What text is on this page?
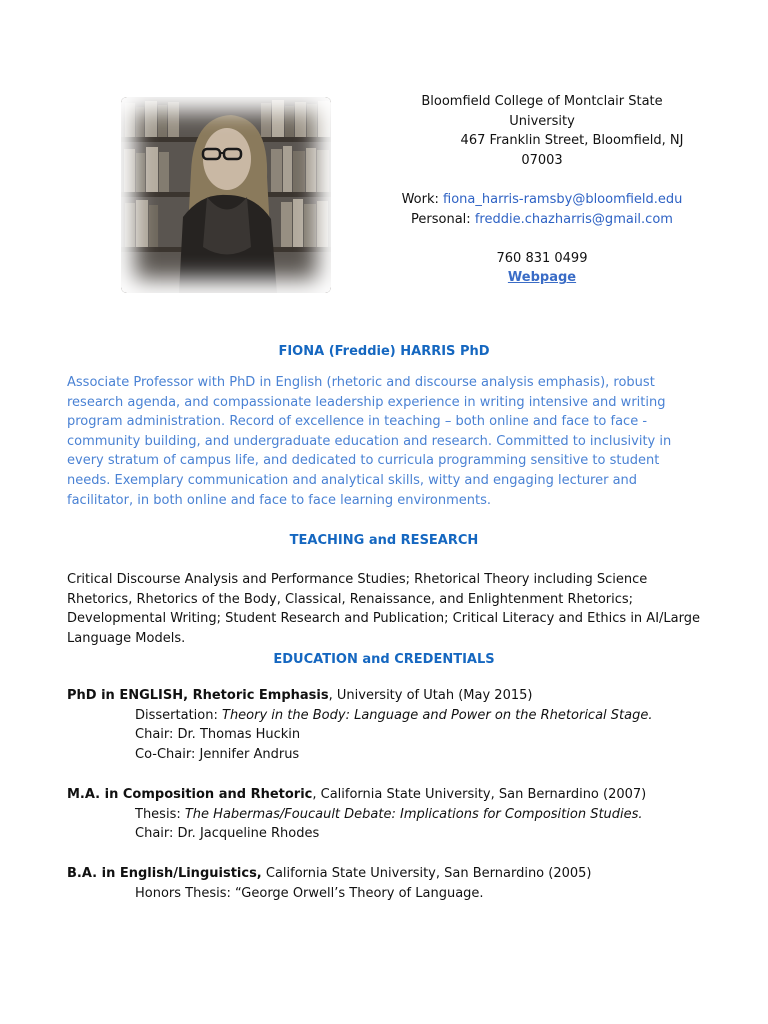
Bloomfield College of Montclair State

University

467 Franklin Street, Bloomfield, NJ

07003

Work: fiona_harris-ramsby@bloomfield.edu

Personal: freddie.chazharris@gmail.com

760 831 0499

Webpage

FIONA (Freddie) HARRIS PhD

Associate Professor with PhD in English (rhetoric and discourse analysis emphasis), robust research agenda, and compassionate leadership experience in writing intensive and writing program administration. Record of excellence in teaching – both online and face to face - community building, and undergraduate education and research. Committed to inclusivity in every stratum of campus life, and dedicated to curricula programming sensitive to student needs. Exemplary communication and analytical skills, witty and engaging lecturer and facilitator, in both online and face to face learning environments.

TEACHING and RESEARCH

Critical Discourse Analysis and Performance Studies; Rhetorical Theory including Science Rhetorics, Rhetorics of the Body, Classical, Renaissance, and Enlightenment Rhetorics; Developmental Writing; Student Research and Publication; Critical Literacy and Ethics in AI/Large Language Models.

EDUCATION and CREDENTIALS

PhD in ENGLISH, Rhetoric Emphasis, University of Utah (May 2015)

Dissertation: Theory in the Body: Language and Power on the Rhetorical Stage.

Chair: Dr. Thomas Huckin

Co-Chair: Jennifer Andrus

M.A. in Composition and Rhetoric, California State University, San Bernardino (2007)

Thesis: The Habermas/Foucault Debate: Implications for Composition Studies.

Chair: Dr. Jacqueline Rhodes

B.A. in English/Linguistics, California State University, San Bernardino (2005)

Honors Thesis: “George Orwell’s Theory of Language.
